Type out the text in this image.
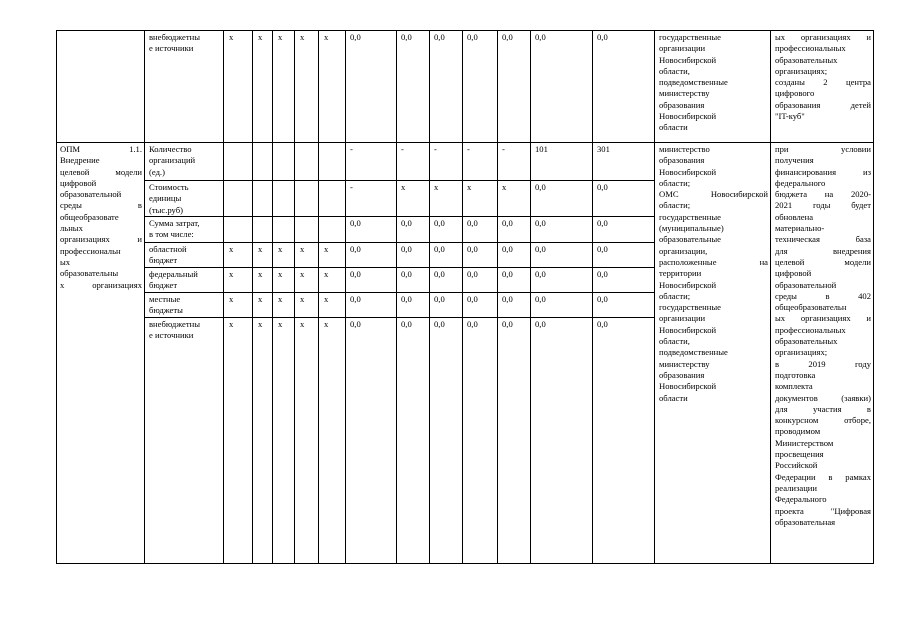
внебюджетны
е источники
х	х х х х	0,0	0,0	0,0	0,0	0,0	0,0	0,0	государственные
организации
Новосибирской
области,
подведомственные
министерству
образования
Новосибирской
области
ых организациях и
профессиональных
образовательных
организациях;
созданы 2 центра
цифрового
образования детей
"IT-куб"
ОПМ 1.1.
Внедрение
целевой модели
цифровой
образовательной
среды в
общеобразовате
льных
организациях и
профессиональн
ых
образовательны
х организациях
Количество
организаций
(ед.)
-	-	-	-	-	101	301
Стоимость
единицы
(тыс.руб)
-	х	х	х	х	0,0	0,0
Сумма затрат,
в том числе:
0,0	0,0	0,0	0,0	0,0	0,0	0,0
областной
бюджет
х	х х х х	0,0	0,0	0,0	0,0	0,0	0,0	0,0
федеральный
бюджет
х	х х х х	0,0	0,0	0,0	0,0	0,0	0,0	0,0
местные
бюджеты
х	х х х х	0,0	0,0	0,0	0,0	0,0	0,0	0,0
внебюджетны
е источники
х	х х х х	0,0	0,0	0,0	0,0	0,0	0,0	0,0
министерство
образования
Новосибирской
области;
ОМС Новосибирской
области;
государственные
(муниципальные)
образовательные
организации,
расположенные на
территории
Новосибирской
области;
государственные
организации
Новосибирской
области,
подведомственные
министерству
образования
Новосибирской
области
при условии
получения
финансирования из
федерального
бюджета на 2020-
2021 годы будет
обновлена
материально-
техническая база
для внедрения
целевой модели
цифровой
образовательной
среды в 402
общеобразовательн
ых организациях и
профессиональных
образовательных
организациях;
в 2019 году
подготовка
комплекта
документов (заявки)
для участия в
конкурсном отборе,
проводимом
Министерством
просвещения
Российской
Федерации в рамках
реализации
Федерального
проекта "Цифровая
образовательная
